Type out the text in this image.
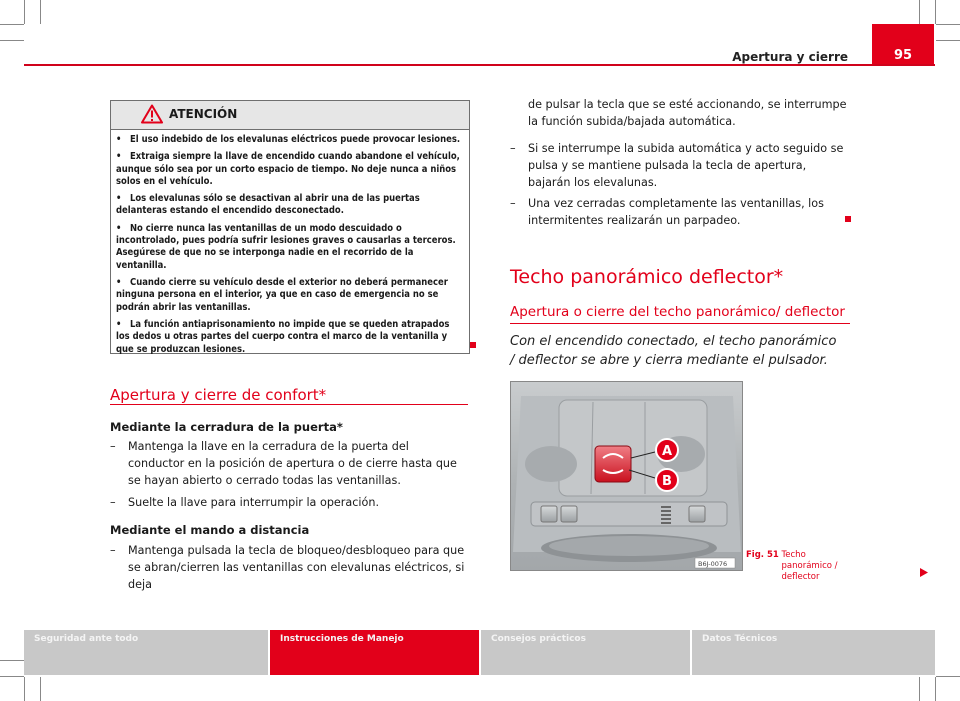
Apertura y cierre	95
ATENCIÓN

• El uso indebido de los elevalunas eléctricos puede provocar lesiones.

• Extraiga siempre la llave de encendido cuando abandone el vehículo, aunque sólo sea por un corto espacio de tiempo. No deje nunca a niños solos en el vehículo.

• Los elevalunas sólo se desactivan al abrir una de las puertas delanteras estando el encendido desconectado.

• No cierre nunca las ventanillas de un modo descuidado o incontrolado, pues podría sufrir lesiones graves o causarlas a terceros. Asegúrese de que no se interponga nadie en el recorrido de la ventanilla.

• Cuando cierre su vehículo desde el exterior no deberá permanecer ninguna persona en el interior, ya que en caso de emergencia no se podrán abrir las ventanillas.

• La función antiaprisonamiento no impide que se queden atrapados los dedos u otras partes del cuerpo contra el marco de la ventanilla y que se produzcan lesiones.

Apertura y cierre de confort*
Mediante la cerradura de la puerta*
– Mantenga la llave en la cerradura de la puerta del conductor en la posición de apertura o de cierre hasta que se hayan abierto o cerrado todas las ventanillas.
– Suelte la llave para interrumpir la operación.
Mediante el mando a distancia
– Mantenga pulsada la tecla de bloqueo/desbloqueo para que se abran/cierren las ventanillas con elevalunas eléctricos, si deja
de pulsar la tecla que se esté accionando, se interrumpe la función subida/bajada automática.
– Si se interrumpe la subida automática y acto seguido se pulsa y se mantiene pulsada la tecla de apertura, bajarán los elevalunas.
– Una vez cerradas completamente las ventanillas, los intermitentes realizarán un parpadeo.
Techo panorámico deflector*
Apertura o cierre del techo panorámico/ deflector
Con el encendido conectado, el techo panorámico / deflector se abre y cierra mediante el pulsador.
A
B
B6J-0076
Fig. 51 Techo panorámico / deflector
Seguridad ante todo	Instrucciones de Manejo	Consejos prácticos	Datos Técnicos
